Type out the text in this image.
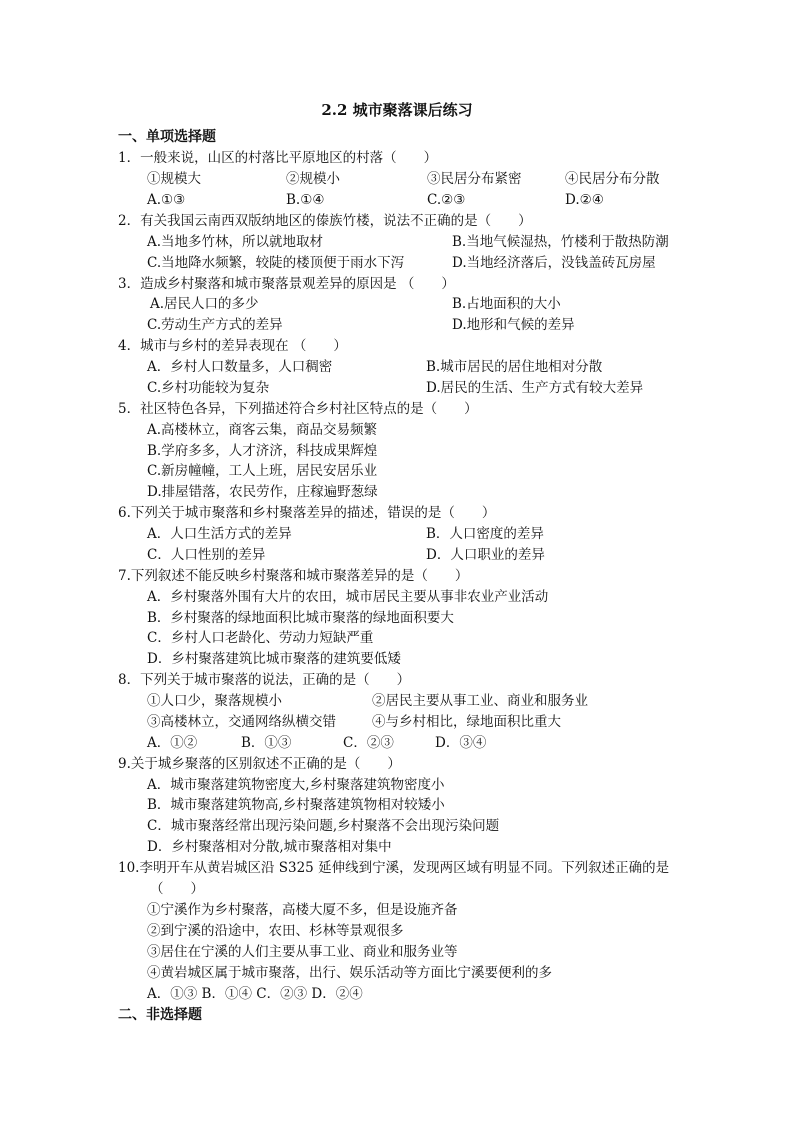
2.2 城市聚落课后练习
一、单项选择题
1．一般来说，山区的村落比平原地区的村落（　　）
①规模大	②规模小	③民居分布紧密	④民居分布分散
A.①③	B.①④	C.②③	D.②④
2．有关我国云南西双版纳地区的傣族竹楼，说法不正确的是（　　）
A.当地多竹林，所以就地取材	B.当地气候湿热，竹楼利于散热防潮
C.当地降水频繁，较陡的楼顶便于雨水下泻	D.当地经济落后，没钱盖砖瓦房屋
3．造成乡村聚落和城市聚落景观差异的原因是 （　　）
A.居民人口的多少	B.占地面积的大小
C.劳动生产方式的差异	D.地形和气候的差异
4．城市与乡村的差异表现在 （　　）
A．乡村人口数量多，人口稠密	B.城市居民的居住地相对分散
C.乡村功能较为复杂	D.居民的生活、生产方式有较大差异
5．社区特色各异，下列描述符合乡村社区特点的是（　　）
A.高楼林立，商客云集，商品交易频繁
B.学府多多，人才济济，科技成果辉煌
C.新房幢幢，工人上班，居民安居乐业
D.排屋错落，农民劳作，庄稼遍野葱绿
6.下列关于城市聚落和乡村聚落差异的描述，错误的是（　　）
A．人口生活方式的差异	B．人口密度的差异
C．人口性别的差异	D．人口职业的差异
7.下列叙述不能反映乡村聚落和城市聚落差异的是（　　）
A．乡村聚落外围有大片的农田，城市居民主要从事非农业产业活动
B．乡村聚落的绿地面积比城市聚落的绿地面积要大
C．乡村人口老龄化、劳动力短缺严重
D．乡村聚落建筑比城市聚落的建筑要低矮
8．下列关于城市聚落的说法，正确的是（　　）
①人口少，聚落规模小	②居民主要从事工业、商业和服务业
③高楼林立，交通网络纵横交错	④与乡村相比，绿地面积比重大
A．①②	B．①③	C．②③	D．③④
9.关于城乡聚落的区别叙述不正确的是（　　）
A．城市聚落建筑物密度大,乡村聚落建筑物密度小
B．城市聚落建筑物高,乡村聚落建筑物相对较矮小
C．城市聚落经常出现污染问题,乡村聚落不会出现污染问题
D．乡村聚落相对分散,城市聚落相对集中
10.李明开车从黄岩城区沿 S325 延伸线到宁溪，发现两区域有明显不同。下列叙述正确的是
（　　）
①宁溪作为乡村聚落，高楼大厦不多，但是设施齐备
②到宁溪的沿途中，农田、杉林等景观很多
③居住在宁溪的人们主要从事工业、商业和服务业等
④黄岩城区属于城市聚落，出行、娱乐活动等方面比宁溪要便利的多
A．①③ B．①④ C．②③ D．②④
二、非选择题
